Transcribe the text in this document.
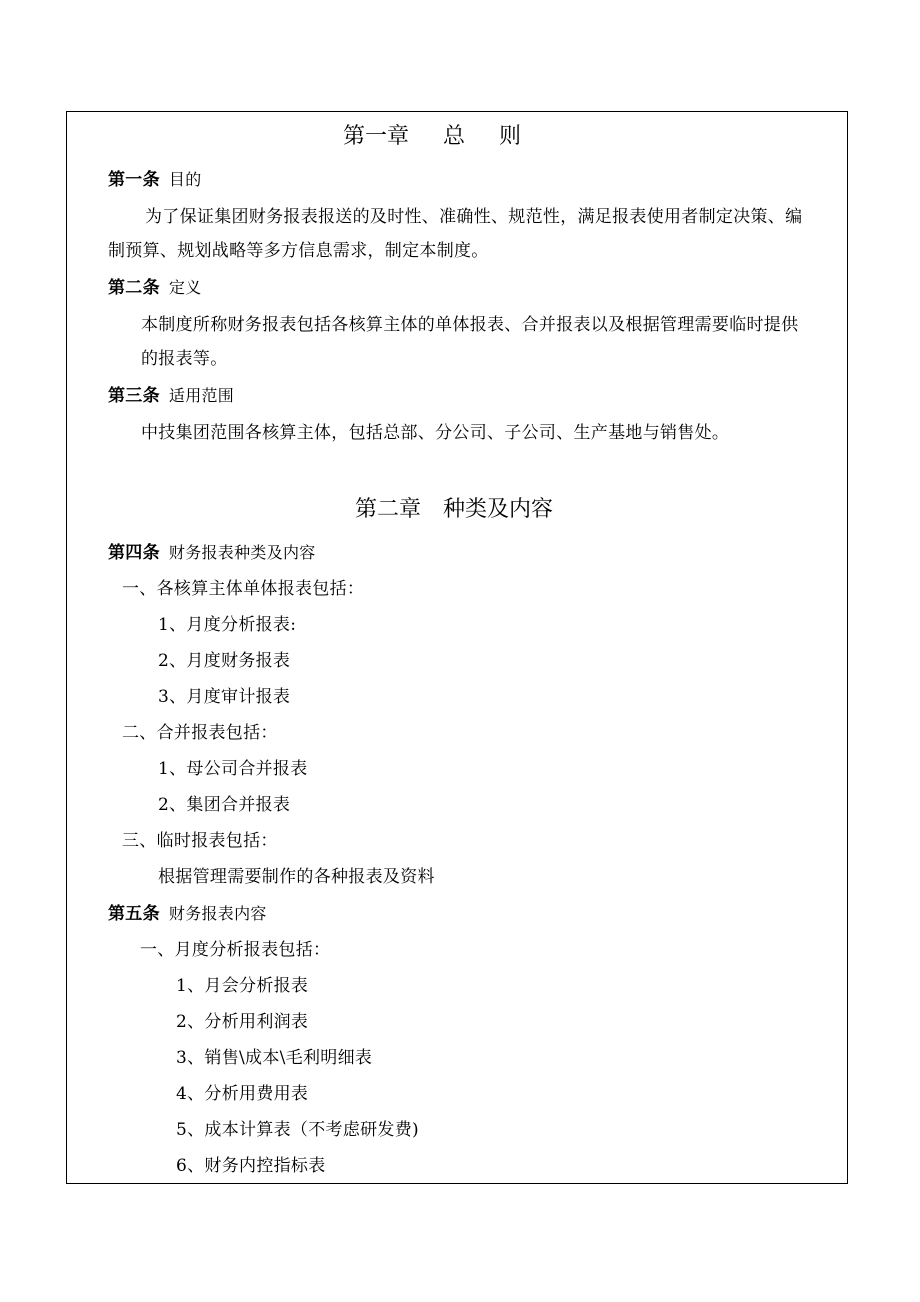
第一章 总 则
第一条 目的
为了保证集团财务报表报送的及时性、准确性、规范性，满足报表使用者制定决策、编
制预算、规划战略等多方信息需求，制定本制度。
第二条 定义
本制度所称财务报表包括各核算主体的单体报表、合并报表以及根据管理需要临时提供
的报表等。
第三条 适用范围
中技集团范围各核算主体，包括总部、分公司、子公司、生产基地与销售处。
第二章 种类及内容
第四条 财务报表种类及内容
一、各核算主体单体报表包括：
1、月度分析报表:
2、月度财务报表
3、月度审计报表
二、合并报表包括：
1、母公司合并报表
2、集团合并报表
三、临时报表包括：
根据管理需要制作的各种报表及资料
第五条 财务报表内容
一、月度分析报表包括：
1、月会分析报表
2、分析用利润表
3、销售\成本\毛利明细表
4、分析用费用表
5、成本计算表（不考虑研发费)
6、财务内控指标表
